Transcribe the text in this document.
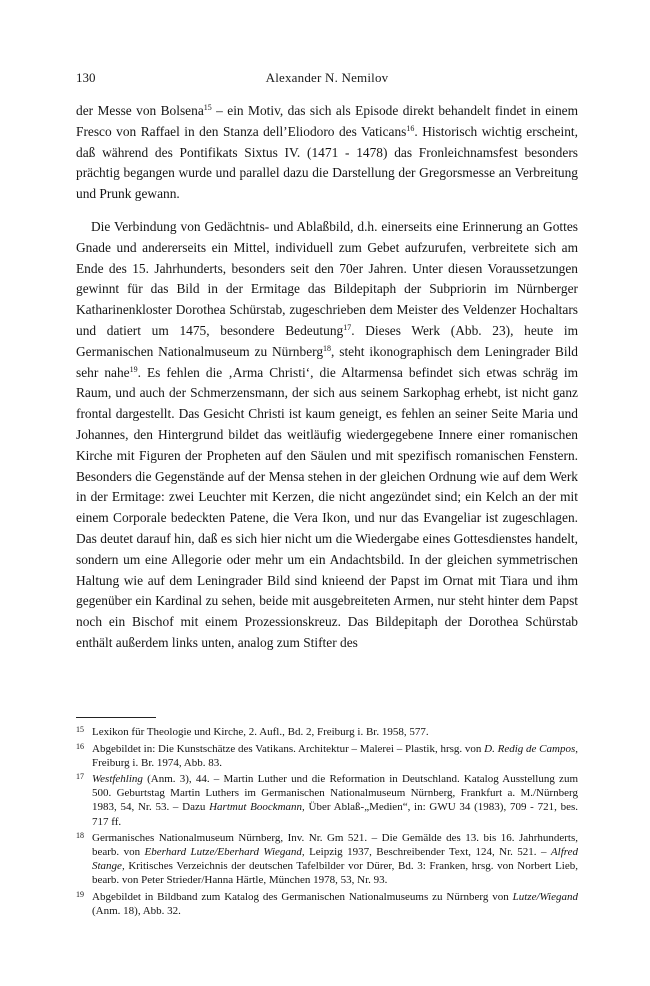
130	Alexander N. Nemilov

der Messe von Bolsena$^{15}$ – ein Motiv, das sich als Episode direkt behandelt findet in einem Fresco von Raffael in den Stanza dell’Eliodoro des Vaticans$^{16}$. Historisch wichtig erscheint, daß während des Pontifikats Sixtus IV. (1471 - 1478) das Fronleichnamsfest besonders prächtig begangen wurde und parallel dazu die Darstellung der Gregorsmesse an Verbreitung und Prunk gewann.

Die Verbindung von Gedächtnis- und Ablaßbild, d.h. einerseits eine Erinnerung an Gottes Gnade und andererseits ein Mittel, individuell zum Gebet aufzurufen, verbreitete sich am Ende des 15. Jahrhunderts, besonders seit den 70er Jahren. Unter diesen Voraussetzungen gewinnt für das Bild in der Ermitage das Bildepitaph der Subpriorin im Nürnberger Katharinenkloster Dorothea Schürstab, zugeschrieben dem Meister des Veldenzer Hochaltars und datiert um 1475, besondere Bedeutung$^{17}$. Dieses Werk (Abb. 23), heute im Germanischen Nationalmuseum zu Nürnberg$^{18}$, steht ikonographisch dem Leningrader Bild sehr nahe$^{19}$. Es fehlen die ‚Arma Christi‘, die Altarmensa befindet sich etwas schräg im Raum, und auch der Schmerzensmann, der sich aus seinem Sarkophag erhebt, ist nicht ganz frontal dargestellt. Das Gesicht Christi ist kaum geneigt, es fehlen an seiner Seite Maria und Johannes, den Hintergrund bildet das weitläufig wiedergegebene Innere einer romanischen Kirche mit Figuren der Propheten auf den Säulen und mit spezifisch romanischen Fenstern. Besonders die Gegenstände auf der Mensa stehen in der gleichen Ordnung wie auf dem Werk in der Ermitage: zwei Leuchter mit Kerzen, die nicht angezündet sind; ein Kelch an der mit einem Corporale bedeckten Patene, die Vera Ikon, und nur das Evangeliar ist zugeschlagen. Das deutet darauf hin, daß es sich hier nicht um die Wiedergabe eines Gottesdienstes handelt, sondern um eine Allegorie oder mehr um ein Andachtsbild. In der gleichen symmetrischen Haltung wie auf dem Leningrader Bild sind knieend der Papst im Ornat mit Tiara und ihm gegenüber ein Kardinal zu sehen, beide mit ausgebreiteten Armen, nur steht hinter dem Papst noch ein Bischof mit einem Prozessionskreuz. Das Bildepitaph der Dorothea Schürstab enthält außerdem links unten, analog zum Stifter des

15 Lexikon für Theologie und Kirche, 2. Aufl., Bd. 2, Freiburg i. Br. 1958, 577.

16 Abgebildet in: Die Kunstschätze des Vatikans. Architektur – Malerei – Plastik, hrsg. von D. Redig de Campos, Freiburg i. Br. 1974, Abb. 83.

17 Westfehling (Anm. 3), 44. – Martin Luther und die Reformation in Deutschland. Katalog Ausstellung zum 500. Geburtstag Martin Luthers im Germanischen Nationalmuseum Nürnberg, Frankfurt a. M./Nürnberg 1983, 54, Nr. 53. – Dazu Hartmut Boockmann, Über Ablaß-„Medien“, in: GWU 34 (1983), 709 - 721, bes. 717 ff.

18 Germanisches Nationalmuseum Nürnberg, Inv. Nr. Gm 521. – Die Gemälde des 13. bis 16. Jahrhunderts, bearb. von Eberhard Lutze/Eberhard Wiegand, Leipzig 1937, Beschreibender Text, 124, Nr. 521. – Alfred Stange, Kritisches Verzeichnis der deutschen Tafelbilder vor Dürer, Bd. 3: Franken, hrsg. von Norbert Lieb, bearb. von Peter Strieder/Hanna Härtle, München 1978, 53, Nr. 93.

19 Abgebildet in Bildband zum Katalog des Germanischen Nationalmuseums zu Nürnberg von Lutze/Wiegand (Anm. 18), Abb. 32.
